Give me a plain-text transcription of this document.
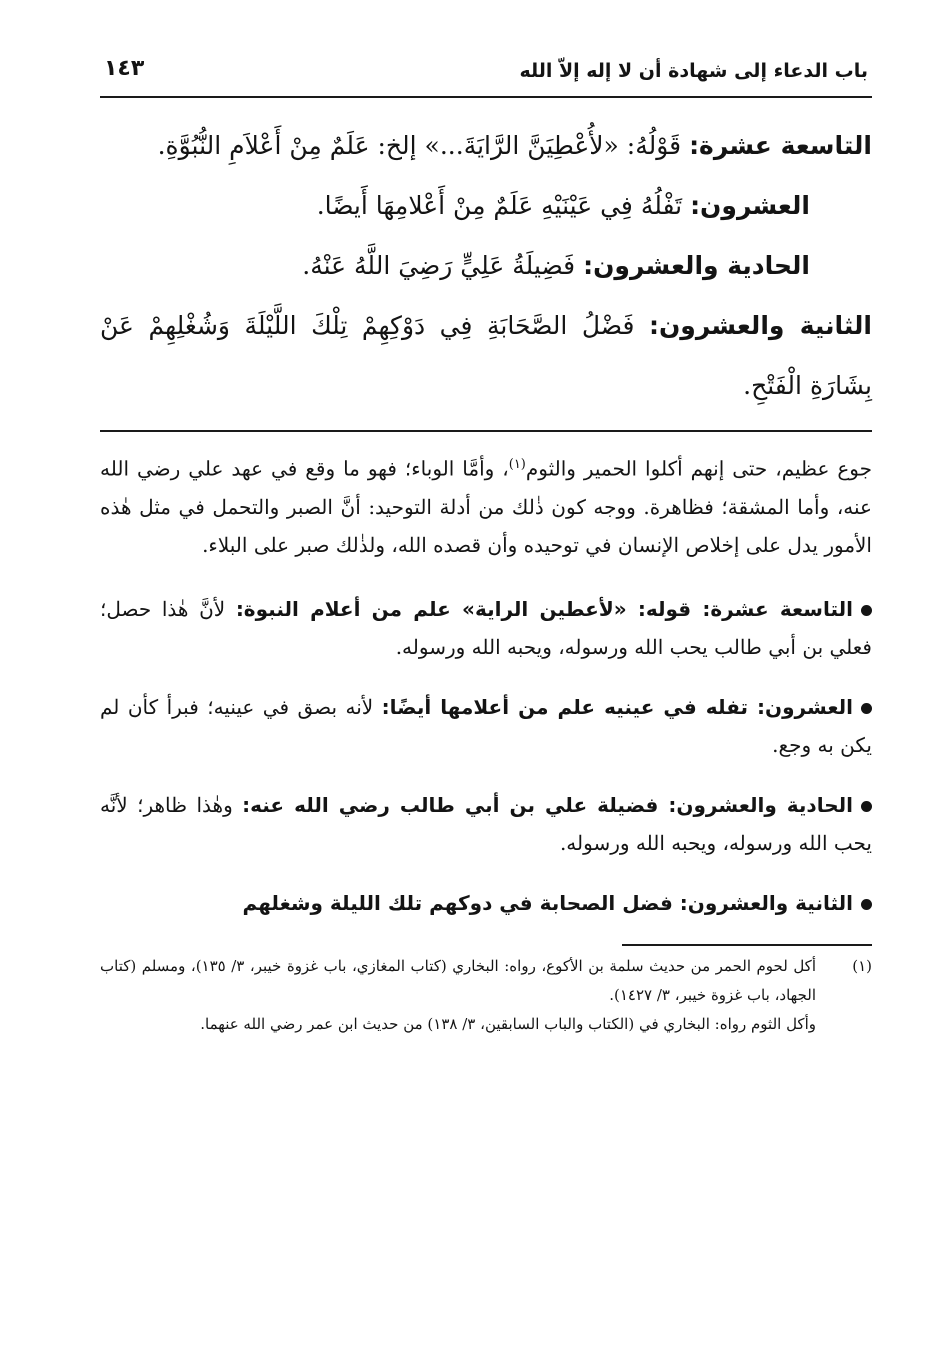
باب الدعاء إلى شهادة أن لا إله إلاّ الله
١٤٣

التاسعة عشرة: قَوْلُهُ: «لأُعْطِيَنَّ الرَّايَةَ...» إلخ: عَلَمٌ مِنْ أَعْلاَمِ النُّبُوَّةِ.

العشرون: تَفْلُهُ فِي عَيْنَيْهِ عَلَمٌ مِنْ أَعْلامِهَا أَيضًا.

الحادية والعشرون: فَضِيلَةُ عَلِيٍّ رَضِيَ اللَّهُ عَنْهُ.

الثانية والعشرون: فَضْلُ الصَّحَابَةِ فِي دَوْكِهِمْ تِلْكَ اللَّيْلَةَ وَشُغْلِهِمْ عَنْ بِشَارَةِ الْفَتْحِ.

جوع عظيم، حتى إنهم أكلوا الحمير والثوم$^{(١)}$، وأمَّا الوباء؛ فهو ما وقع في عهد علي رضي الله عنه، وأما المشقة؛ فظاهرة. ووجه كون ذٰلك من أدلة التوحيد: أنَّ الصبر والتحمل في مثل هٰذه الأمور يدل على إخلاص الإنسان في توحيده وأن قصده الله، ولذٰلك صبر على البلاء.

التاسعة عشرة: قوله: «لأعطين الراية» علم من أعلام النبوة: لأنَّ هٰذا حصل؛ فعلي بن أبي طالب يحب الله ورسوله، ويحبه الله ورسوله.

العشرون: تفله في عينيه علم من أعلامها أيضًا: لأنه بصق في عينيه؛ فبرأ كأن لم يكن به وجع.

الحادية والعشرون: فضيلة علي بن أبي طالب رضي الله عنه: وهٰذا ظاهر؛ لأنَّه يحب الله ورسوله، ويحبه الله ورسوله.

الثانية والعشرون: فضل الصحابة في دوكهم تلك الليلة وشغلهم

(١)

أكل لحوم الحمر من حديث سلمة بن الأكوع، رواه: البخاري (كتاب المغازي، باب غزوة خيبر، ٣/ ١٣٥)، ومسلم (كتاب الجهاد، باب غزوة خيبر، ٣/ ١٤٢٧).

وأكل الثوم رواه: البخاري في (الكتاب والباب السابقين، ٣/ ١٣٨) من حديث ابن عمر رضي الله عنهما.
